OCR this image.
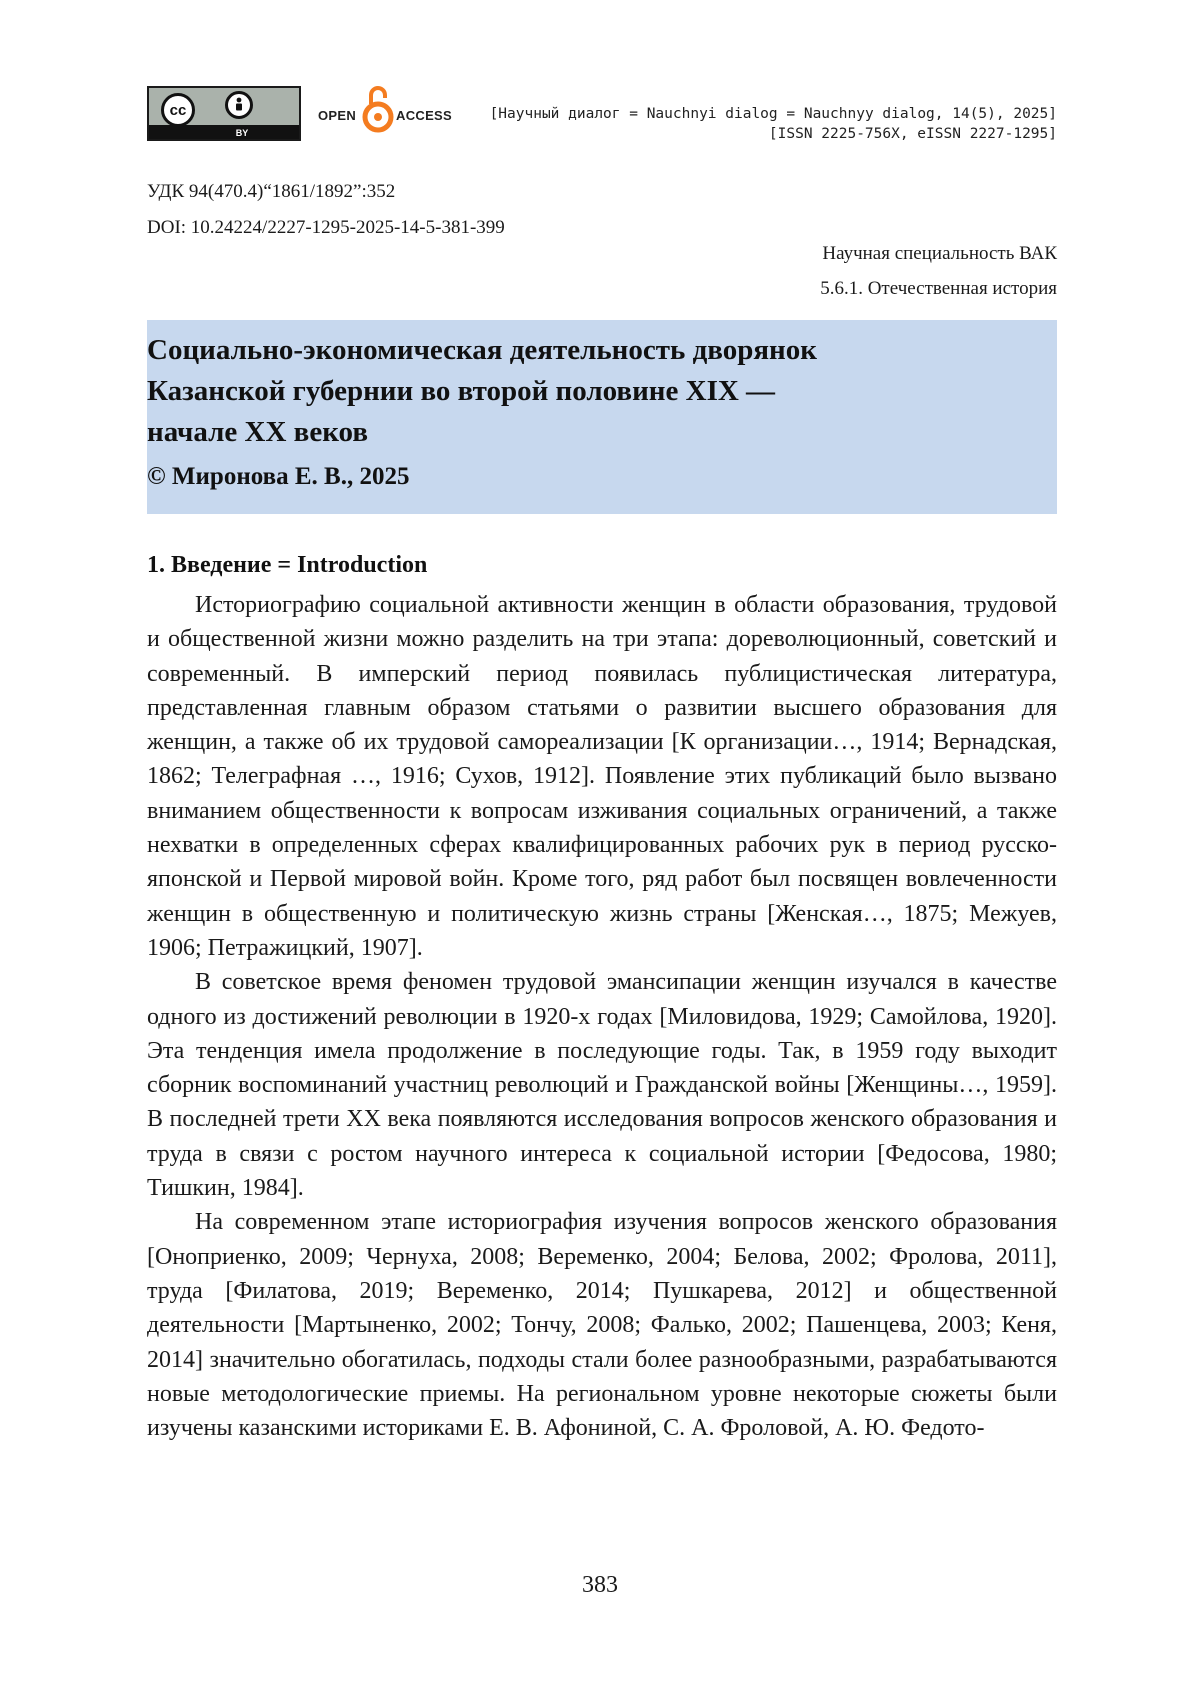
cc
BY
OPEN	ACCESS	[Научный диалог = Nauchnyi dialog = Nauchnyy dialog, 14(5), 2025]
[ISSN 2225-756X, eISSN 2227-1295]
УДК 94(470.4)“1861/1892”:352
DOI: 10.24224/2227-1295-2025-14-5-381-399
Научная специальность ВАК
5.6.1. Отечественная история
Социально-экономическая деятельность дворянок
Казанской губернии во второй половине XIX —
начале XX веков
© Миронова Е. В., 2025
1. Введение = Introduction

Историографию социальной активности женщин в области образования, трудовой и общественной жизни можно разделить на три этапа: дореволюционный, советский и современный. В имперский период появилась публицистическая литература, представленная главным образом статьями о развитии высшего образования для женщин, а также об их трудовой самореализации [К организации…, 1914; Вернадская, 1862; Телеграфная …, 1916; Сухов, 1912]. Появление этих публикаций было вызвано вниманием общественности к вопросам изживания социальных ограничений, а также нехватки в определенных сферах квалифицированных рабочих рук в период русско-японской и Первой мировой войн. Кроме того, ряд работ был посвящен вовлеченности женщин в общественную и политическую жизнь страны [Женская…, 1875; Межуев, 1906; Петражицкий, 1907].

В советское время феномен трудовой эмансипации женщин изучался в качестве одного из достижений революции в 1920-х годах [Миловидова, 1929; Самойлова, 1920]. Эта тенденция имела продолжение в последующие годы. Так, в 1959 году выходит сборник воспоминаний участниц революций и Гражданской войны [Женщины…, 1959]. В последней трети XX века появляются исследования вопросов женского образования и труда в связи с ростом научного интереса к социальной истории [Федосова, 1980; Тишкин, 1984].

На современном этапе историография изучения вопросов женского образования [Оноприенко, 2009; Чернуха, 2008; Веременко, 2004; Белова, 2002; Фролова, 2011], труда [Филатова, 2019; Веременко, 2014; Пушкарева, 2012] и общественной деятельности [Мартыненко, 2002; Тончу, 2008; Фалько, 2002; Пашенцева, 2003; Кеня, 2014] значительно обогатилась, подходы стали более разнообразными, разрабатываются новые методологические приемы. На региональном уровне некоторые сюжеты были изучены казанскими историками Е. В. Афониной, С. А. Фроловой, А. Ю. Федото-

383
